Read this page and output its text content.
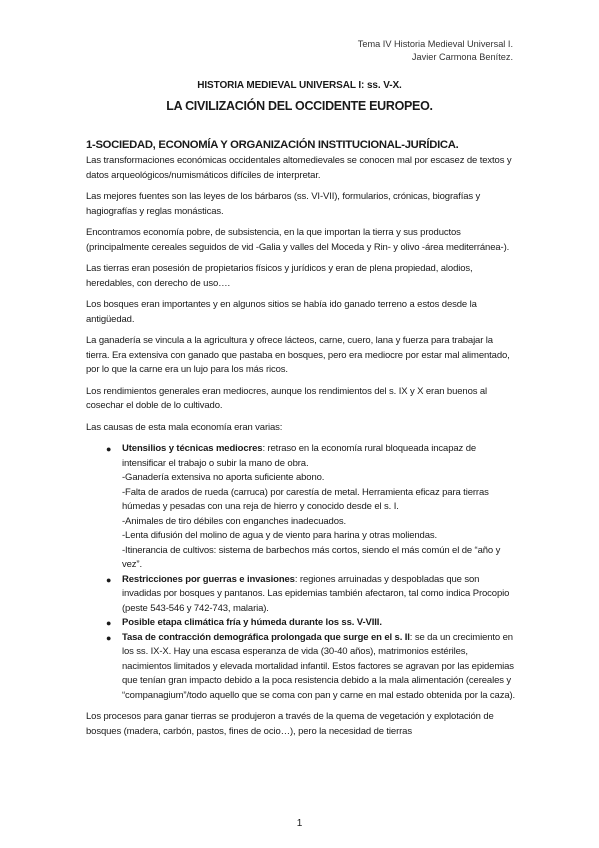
Tema IV Historia Medieval Universal I.
Javier Carmona Benítez.
HISTORIA MEDIEVAL UNIVERSAL I: ss. V-X.
LA CIVILIZACIÓN DEL OCCIDENTE EUROPEO.
1-SOCIEDAD, ECONOMÍA Y ORGANIZACIÓN INSTITUCIONAL-JURÍDICA.

Las transformaciones económicas occidentales altomedievales se conocen mal por escasez de textos y datos arqueológicos/numismáticos difíciles de interpretar.

Las mejores fuentes son las leyes de los bárbaros (ss. VI-VII), formularios, crónicas, biografías y hagiografías y reglas monásticas.

Encontramos economía pobre, de subsistencia, en la que importan la tierra y sus productos (principalmente cereales seguidos de vid -Galia y valles del Moceda y Rin- y olivo -área mediterránea-).

Las tierras eran posesión de propietarios físicos y jurídicos y eran de plena propiedad, alodios, heredables, con derecho de uso….

Los bosques eran importantes y en algunos sitios se había ido ganado terreno a estos desde la antigüedad.

La ganadería se vincula a la agricultura y ofrece lácteos, carne, cuero, lana y fuerza para trabajar la tierra. Era extensiva con ganado que pastaba en bosques, pero era mediocre por estar mal alimentado, por lo que la carne era un lujo para los más ricos.

Los rendimientos generales eran mediocres, aunque los rendimientos del s. IX y X eran buenos al cosechar el doble de lo cultivado.

Las causas de esta mala economía eran varias:

● Utensilios y técnicas mediocres: retraso en la economía rural bloqueada incapaz de intensificar el trabajo o subir la mano de obra.
-Ganadería extensiva no aporta suficiente abono.
-Falta de arados de rueda (carruca) por carestía de metal. Herramienta eficaz para tierras húmedas y pesadas con una reja de hierro y conocido desde el s. I.
-Animales de tiro débiles con enganches inadecuados.
-Lenta difusión del molino de agua y de viento para harina y otras moliendas.
-Itinerancia de cultivos: sistema de barbechos más cortos, siendo el más común el de “año y vez”.
● Restricciones por guerras e invasiones: regiones arruinadas y despobladas que son invadidas por bosques y pantanos. Las epidemias también afectaron, tal como indica Procopio (peste 543-546 y 742-743, malaria).
● Posible etapa climática fría y húmeda durante los ss. V-VIII.
● Tasa de contracción demográfica prolongada que surge en el s. II: se da un crecimiento en los ss. IX-X. Hay una escasa esperanza de vida (30-40 años), matrimonios estériles, nacimientos limitados y elevada mortalidad infantil. Estos factores se agravan por las epidemias que tenían gran impacto debido a la poca resistencia debido a la mala alimentación (cereales y “companagium”/todo aquello que se coma con pan y carne en mal estado obtenida por la caza).

Los procesos para ganar tierras se produjeron a través de la quema de vegetación y explotación de bosques (madera, carbón, pastos, fines de ocio…), pero la necesidad de tierras

1
